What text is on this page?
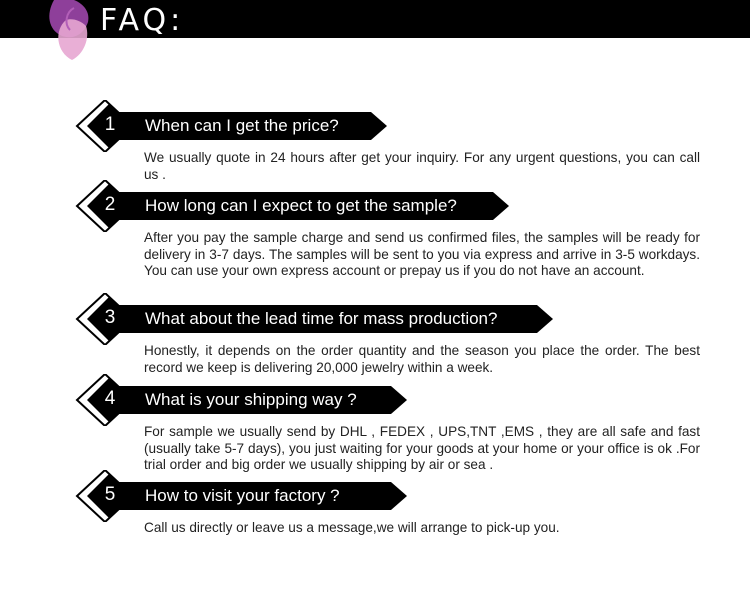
FAQ:
1	When can I get the price?
We usually quote in 24 hours after get your inquiry. For any urgent questions, you can call us .
2	How long can I expect to get the sample?
After you pay the sample charge and send us confirmed files, the samples will be ready for delivery in 3-7 days. The samples will be sent to you via express and arrive in 3-5 workdays. You can use your own express account or prepay us if you do not have an account.
3	What about the lead time for mass production?
Honestly, it depends on the order quantity and the season you place the order. The best record we keep is delivering 20,000 jewelry within a week.
4	What is your shipping way ?
For sample we usually send by DHL , FEDEX , UPS,TNT ,EMS , they are all safe and fast (usually take 5-7 days), you just waiting for your goods at your home or your office is ok .For trial order and big order we usually shipping by air or sea .
5	How to visit your factory ?
Call us directly or leave us a message,we will arrange to pick-up you.
